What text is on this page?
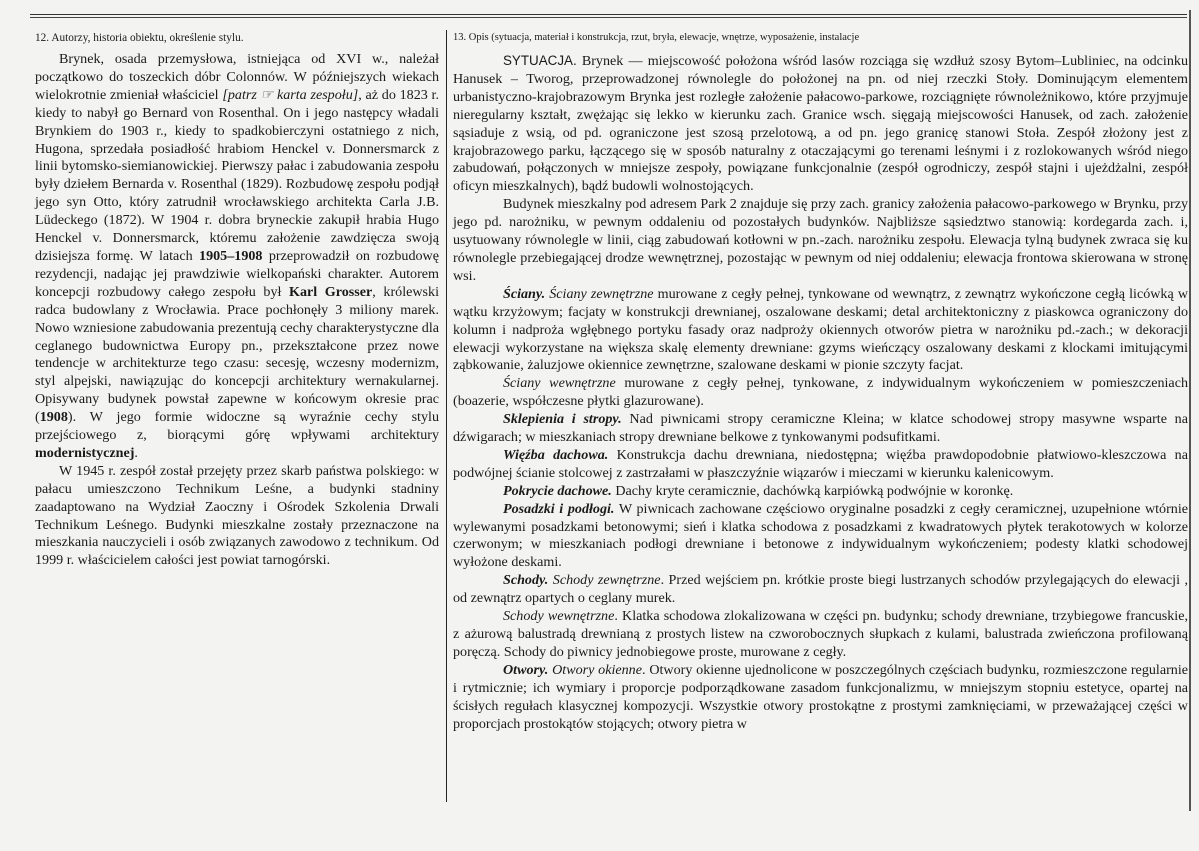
12. Autorzy, historia obiektu, określenie stylu.

Brynek, osada przemysłowa, istniejąca od XVI w., należał początkowo do toszeckich dóbr Colonnów. W późniejszych wiekach wielokrotnie zmieniał właściciel [patrz ☞ karta zespołu], aż do 1823 r. kiedy to nabył go Bernard von Rosenthal. On i jego następcy władali Brynkiem do 1903 r., kiedy to spadkobierczyni ostatniego z nich, Hugona, sprzedała posiadłość hrabiom Henckel v. Donnersmarck z linii bytomsko-siemianowickiej. Pierwszy pałac i zabudowania zespołu były dziełem Bernarda v. Rosenthal (1829). Rozbudowę zespołu podjął jego syn Otto, który zatrudnił wrocławskiego architekta Carla J.B. Lüdeckego (1872). W 1904 r. dobra bryneckie zakupił hrabia Hugo Henckel v. Donnersmarck, któremu założenie zawdzięcza swoją dzisiejsza formę. W latach 1905–1908 przeprowadził on rozbudowę rezydencji, nadając jej prawdziwie wielkopański charakter. Autorem koncepcji rozbudowy całego zespołu był Karl Grosser, królewski radca budowlany z Wrocławia. Prace pochłonęły 3 miliony marek. Nowo wzniesione zabudowania prezentują cechy charakterystyczne dla ceglanego budownictwa Europy pn., przekształcone przez nowe tendencje w architekturze tego czasu: secesję, wczesny modernizm, styl alpejski, nawiązując do koncepcji architektury wernakularnej. Opisywany budynek powstał zapewne w końcowym okresie prac (1908). W jego formie widoczne są wyraźnie cechy stylu przejściowego z, biorącymi górę wpływami architektury modernistycznej.

W 1945 r. zespół został przejęty przez skarb państwa polskiego: w pałacu umieszczono Technikum Leśne, a budynki stadniny zaadaptowano na Wydział Zaoczny i Ośrodek Szkolenia Drwali Technikum Leśnego. Budynki mieszkalne zostały przeznaczone na mieszkania nauczycieli i osób związanych zawodowo z technikum. Od 1999 r. właścicielem całości jest powiat tarnogórski.

13. Opis (sytuacja, materiał i konstrukcja, rzut, bryła, elewacje, wnętrze, wyposażenie, instalacje

SYTUACJA. Brynek — miejscowość położona wśród lasów rozciąga się wzdłuż szosy Bytom–Lubliniec, na odcinku Hanusek – Tworog, przeprowadzonej równolegle do położonej na pn. od niej rzeczki Stoły. Dominującym elementem urbanistyczno-krajobrazowym Brynka jest rozległe założenie pałacowo-parkowe, rozciągnięte równoleżnikowo, które przyjmuje nieregularny kształt, zwężając się lekko w kierunku zach. Granice wsch. sięgają miejscowości Hanusek, od zach. założenie sąsiaduje z wsią, od pd. ograniczone jest szosą przelotową, a od pn. jego granicę stanowi Stoła. Zespół złożony jest z krajobrazowego parku, łączącego się w sposób naturalny z otaczającymi go terenami leśnymi i z rozlokowanych wśród niego zabudowań, połączonych w mniejsze zespoły, powiązane funkcjonalnie (zespół ogrodniczy, zespół stajni i ujeżdżalni, zespół oficyn mieszkalnych), bądź budowli wolnostojących.

Budynek mieszkalny pod adresem Park 2 znajduje się przy zach. granicy założenia pałacowo-parkowego w Brynku, przy jego pd. narożniku, w pewnym oddaleniu od pozostałych budynków. Najbliższe sąsiedztwo stanowią: kordegarda zach. i, usytuowany równolegle w linii, ciąg zabudowań kotłowni w pn.-zach. narożniku zespołu. Elewacja tylną budynek zwraca się ku równolegle przebiegającej drodze wewnętrznej, pozostając w pewnym od niej oddaleniu; elewacja frontowa skierowana w stronę wsi.

Ściany. Ściany zewnętrzne murowane z cegły pełnej, tynkowane od wewnątrz, z zewnątrz wykończone cegłą licówką w wątku krzyżowym; facjaty w konstrukcji drewnianej, oszalowane deskami; detal architektoniczny z piaskowca ograniczony do kolumn i nadproża wgłębnego portyku fasady oraz nadproży okiennych otworów pietra w narożniku pd.-zach.; w dekoracji elewacji wykorzystane na większa skalę elementy drewniane: gzyms wieńczący oszalowany deskami z klockami imitującymi ząbkowanie, żaluzjowe okiennice zewnętrzne, szalowane deskami w pionie szczyty facjat.

Ściany wewnętrzne murowane z cegły pełnej, tynkowane, z indywidualnym wykończeniem w pomieszczeniach (boazerie, współczesne płytki glazurowane).

Sklepienia i stropy. Nad piwnicami stropy ceramiczne Kleina; w klatce schodowej stropy masywne wsparte na dźwigarach; w mieszkaniach stropy drewniane belkowe z tynkowanymi podsufitkami.

Więźba dachowa. Konstrukcja dachu drewniana, niedostępna; więźba prawdopodobnie płatwiowo-kleszczowa na podwójnej ścianie stolcowej z zastrzałami w płaszczyźnie wiązarów i mieczami w kierunku kalenicowym.

Pokrycie dachowe. Dachy kryte ceramicznie, dachówką karpiówką podwójnie w koronkę.

Posadzki i podłogi. W piwnicach zachowane częściowo oryginalne posadzki z cegły ceramicznej, uzupełnione wtórnie wylewanymi posadzkami betonowymi; sień i klatka schodowa z posadzkami z kwadratowych płytek terakotowych w kolorze czerwonym; w mieszkaniach podłogi drewniane i betonowe z indywidualnym wykończeniem; podesty klatki schodowej wyłożone deskami.

Schody. Schody zewnętrzne. Przed wejściem pn. krótkie proste biegi lustrzanych schodów przylegających do elewacji , od zewnątrz opartych o ceglany murek.

Schody wewnętrzne. Klatka schodowa zlokalizowana w części pn. budynku; schody drewniane, trzybiegowe francuskie, z ażurową balustradą drewnianą z prostych listew na czworobocznych słupkach z kulami, balustrada zwieńczona profilowaną poręczą. Schody do piwnicy jednobiegowe proste, murowane z cegły.

Otwory. Otwory okienne. Otwory okienne ujednolicone w poszczególnych częściach budynku, rozmieszczone regularnie i rytmicznie; ich wymiary i proporcje podporządkowane zasadom funkcjonalizmu, w mniejszym stopniu estetyce, opartej na ścisłych regułach klasycznej kompozycji. Wszystkie otwory prostokątne z prostymi zamknięciami, w przeważającej części w proporcjach prostokątów stojących; otwory pietra w
